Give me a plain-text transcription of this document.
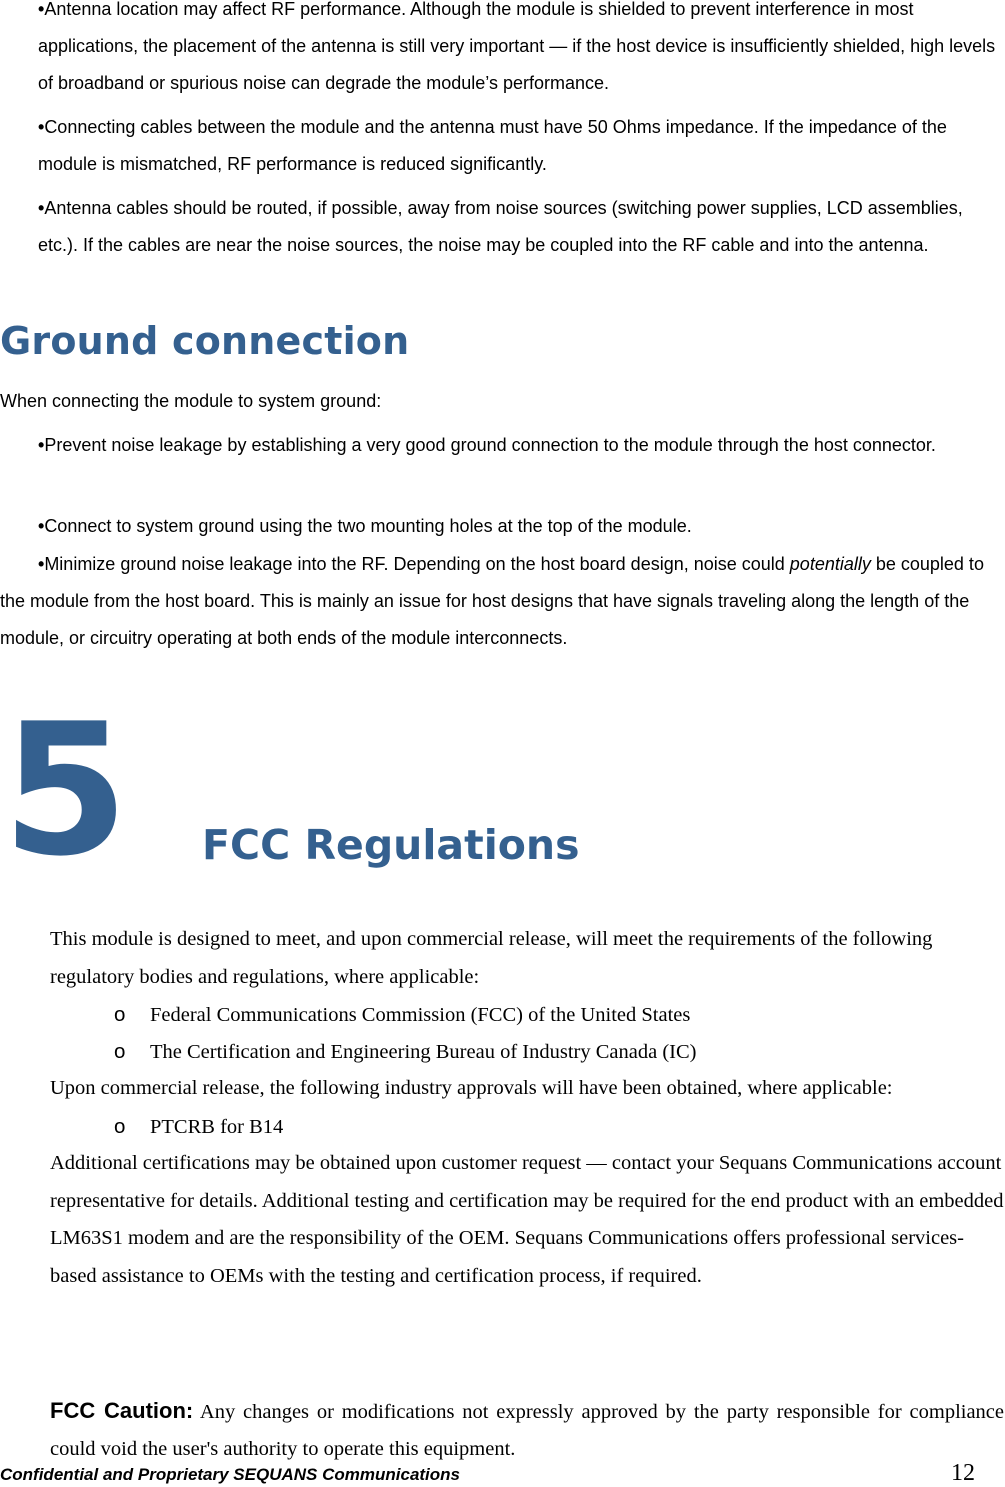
•Antenna location may affect RF performance. Although the module is shielded to prevent interference in most applications, the placement of the antenna is still very important — if the host device is insufficiently shielded, high levels of broadband or spurious noise can degrade the module’s performance.

•Connecting cables between the module and the antenna must have 50 Ohms impedance. If the impedance of the module is mismatched, RF performance is reduced significantly.

•Antenna cables should be routed, if possible, away from noise sources (switching power supplies, LCD assemblies, etc.). If the cables are near the noise sources, the noise may be coupled into the RF cable and into the antenna.

Ground connection

When connecting the module to system ground:

•Prevent noise leakage by establishing a very good ground connection to the module through the host connector.

•Connect to system ground using the two mounting holes at the top of the module.

•Minimize ground noise leakage into the RF. Depending on the host board design, noise could potentially be coupled to the module from the host board. This is mainly an issue for host designs that have signals traveling along the length of the module, or circuitry operating at both ends of the module interconnects.

5 FCC Regulations

This module is designed to meet, and upon commercial release, will meet the requirements of the following regulatory bodies and regulations, where applicable:

o Federal Communications Commission (FCC) of the United States
o The Certification and Engineering Bureau of Industry Canada (IC)

Upon commercial release, the following industry approvals will have been obtained, where applicable:

o PTCRB for B14

Additional certifications may be obtained upon customer request — contact your Sequans Communications account representative for details. Additional testing and certification may be required for the end product with an embedded LM63S1 modem and are the responsibility of the OEM. Sequans Communications offers professional services-based assistance to OEMs with the testing and certification process, if required.

FCC Caution: Any changes or modifications not expressly approved by the party responsible for compliance could void the user's authority to operate this equipment.

Confidential and Proprietary SEQUANS Communications	12
